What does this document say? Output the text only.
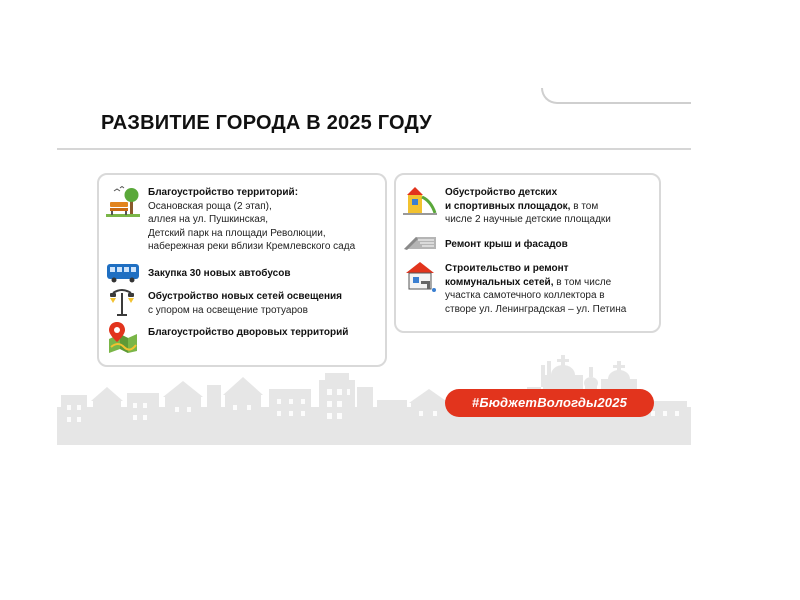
РАЗВИТИЕ ГОРОДА В 2025 ГОДУ
Благоустройство территорий:
Осановская роща (2 этап),
аллея на ул. Пушкинская,
Детский парк на площади Революции,
набережная реки вблизи Кремлевского сада
Закупка 30 новых автобусов
Обустройство новых сетей освещения
с упором на освещение тротуаров
Благоустройство дворовых территорий
Обустройство детских
и спортивных площадок, в том
числе 2 научные детские площадки
Ремонт крыш и фасадов
Строительство и ремонт
коммунальных сетей, в том числе
участка самотечного коллектора в
створе ул. Ленинградская – ул. Петина
#БюджетВологды2025
